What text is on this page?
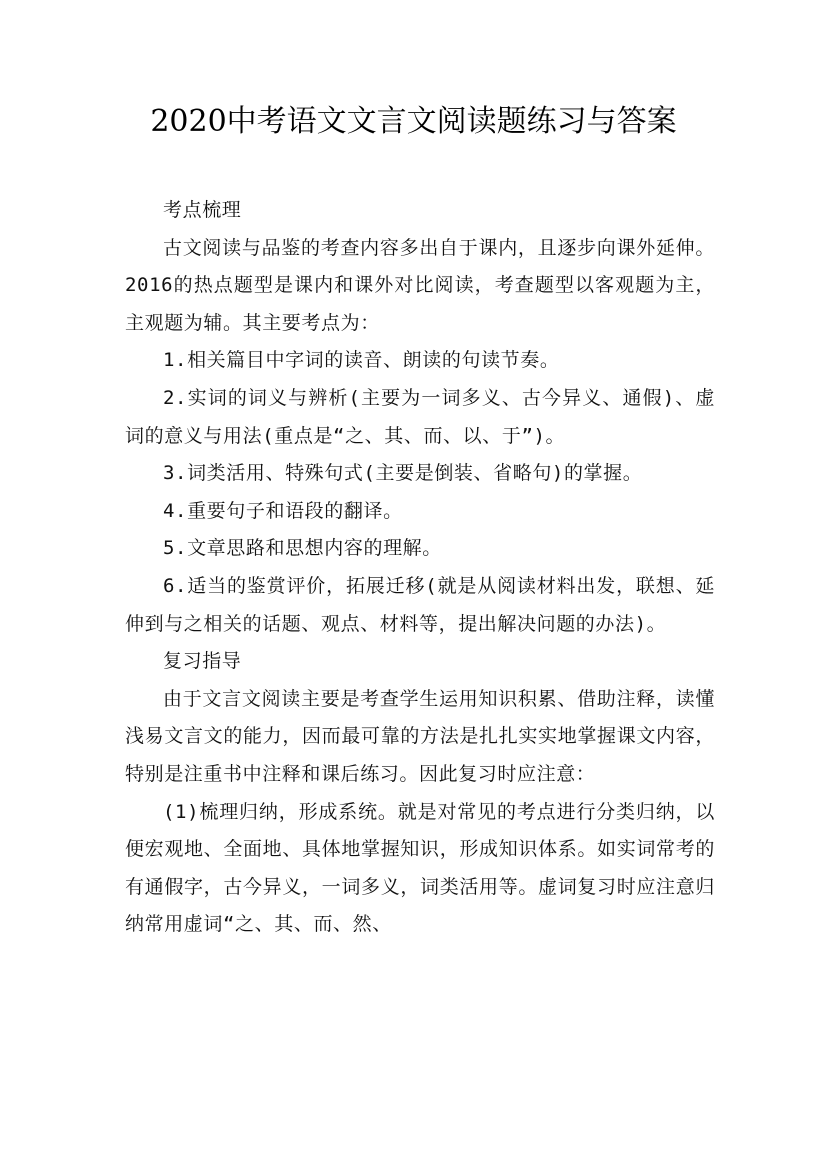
2020中考语文文言文阅读题练习与答案

考点梳理

古文阅读与品鉴的考查内容多出自于课内，且逐步向课外延伸。2016的热点题型是课内和课外对比阅读，考查题型以客观题为主，主观题为辅。其主要考点为：

1.相关篇目中字词的读音、朗读的句读节奏。

2.实词的词义与辨析(主要为一词多义、古今异义、通假)、虚词的意义与用法(重点是“之、其、而、以、于”)。

3.词类活用、特殊句式(主要是倒装、省略句)的掌握。

4.重要句子和语段的翻译。

5.文章思路和思想内容的理解。

6.适当的鉴赏评价，拓展迁移(就是从阅读材料出发，联想、延伸到与之相关的话题、观点、材料等，提出解决问题的办法)。

复习指导

由于文言文阅读主要是考查学生运用知识积累、借助注释，读懂浅易文言文的能力，因而最可靠的方法是扎扎实实地掌握课文内容，特别是注重书中注释和课后练习。因此复习时应注意：

(1)梳理归纳，形成系统。就是对常见的考点进行分类归纳，以便宏观地、全面地、具体地掌握知识，形成知识体系。如实词常考的有通假字，古今异义，一词多义，词类活用等。虚词复习时应注意归纳常用虚词“之、其、而、然、
